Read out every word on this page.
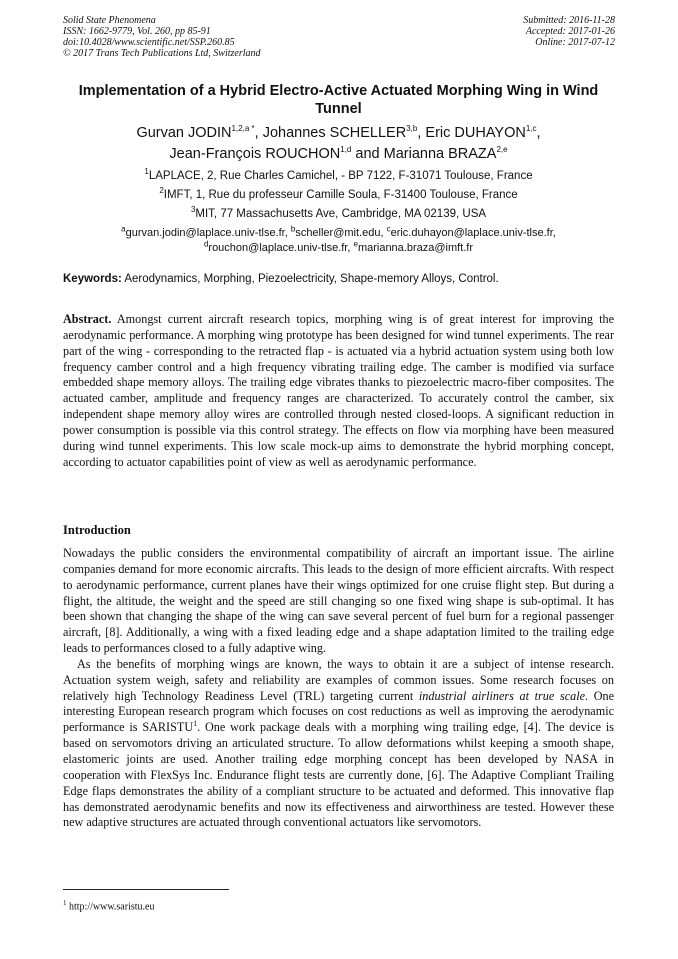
Solid State Phenomena
ISSN: 1662-9779, Vol. 260, pp 85-91
doi:10.4028/www.scientific.net/SSP.260.85
© 2017 Trans Tech Publications Ltd, Switzerland
Submitted: 2016-11-28
Accepted: 2017-01-26
Online: 2017-07-12
Implementation of a Hybrid Electro-Active Actuated Morphing Wing in Wind Tunnel
Gurvan $JODIN^{1,2,a *}$, Johannes SCHELLER$^{3,b}$, Eric DUHAYON$^{1,c}$,
Jean-François ROUCHON$^{1,d}$ and Marianna BRAZA$^{2,e}$
$^1$LAPLACE, 2, Rue Charles Camichel, - BP 7122, F-31071 Toulouse, France
$^2$IMFT, 1, Rue du professeur Camille Soula, F-31400 Toulouse, France
$^3$MIT, 77 Massachusetts Ave, Cambridge, MA 02139, USA
$^a$gurvan.jodin@laplace.univ-tlse.fr, $^b$scheller@mit.edu, $^c$eric.duhayon@laplace.univ-tlse.fr,
$^d$rouchon@laplace.univ-tlse.fr, $^e$marianna.braza@imft.fr
Keywords: Aerodynamics, Morphing, Piezoelectricity, Shape-memory Alloys, Control.
Abstract. Amongst current aircraft research topics, morphing wing is of great interest for improving the aerodynamic performance. A morphing wing prototype has been designed for wind tunnel experiments. The rear part of the wing - corresponding to the retracted flap - is actuated via a hybrid actuation system using both low frequency camber control and a high frequency vibrating trailing edge. The camber is modified via surface embedded shape memory alloys. The trailing edge vibrates thanks to piezoelectric macro-fiber composites. The actuated camber, amplitude and frequency ranges are characterized. To accurately control the camber, six independent shape memory alloy wires are controlled through nested closed-loops. A significant reduction in power consumption is possible via this control strategy. The effects on flow via morphing have been measured during wind tunnel experiments. This low scale mock-up aims to demonstrate the hybrid morphing concept, according to actuator capabilities point of view as well as aerodynamic performance.
Introduction

Nowadays the public considers the environmental compatibility of aircraft an important issue. The airline companies demand for more economic aircrafts. This leads to the design of more efficient aircrafts. With respect to aerodynamic performance, current planes have their wings optimized for one cruise flight step. But during a flight, the altitude, the weight and the speed are still changing so one fixed wing shape is sub-optimal. It has been shown that changing the shape of the wing can save several percent of fuel burn for a regional passenger aircraft, [8]. Additionally, a wing with a fixed leading edge and a shape adaptation limited to the trailing edge leads to performances closed to a fully adaptive wing.

As the benefits of morphing wings are known, the ways to obtain it are a subject of intense research. Actuation system weigh, safety and reliability are examples of common issues. Some research focuses on relatively high Technology Readiness Level (TRL) targeting current industrial airliners at true scale. One interesting European research program which focuses on cost reductions as well as improving the aerodynamic performance is SARISTU$^1$. One work package deals with a morphing wing trailing edge, [4]. The device is based on servomotors driving an articulated structure. To allow deformations whilst keeping a smooth shape, elastomeric joints are used. Another trailing edge morphing concept has been developed by NASA in cooperation with FlexSys Inc. Endurance flight tests are currently done, [6]. The Adaptive Compliant Trailing Edge flaps demonstrates the ability of a compliant structure to be actuated and deformed. This innovative flap has demonstrated aerodynamic benefits and now its effectiveness and airworthiness are tested. However these new adaptive structures are actuated through conventional actuators like servomotors.

$^1$ http://www.saristu.eu
